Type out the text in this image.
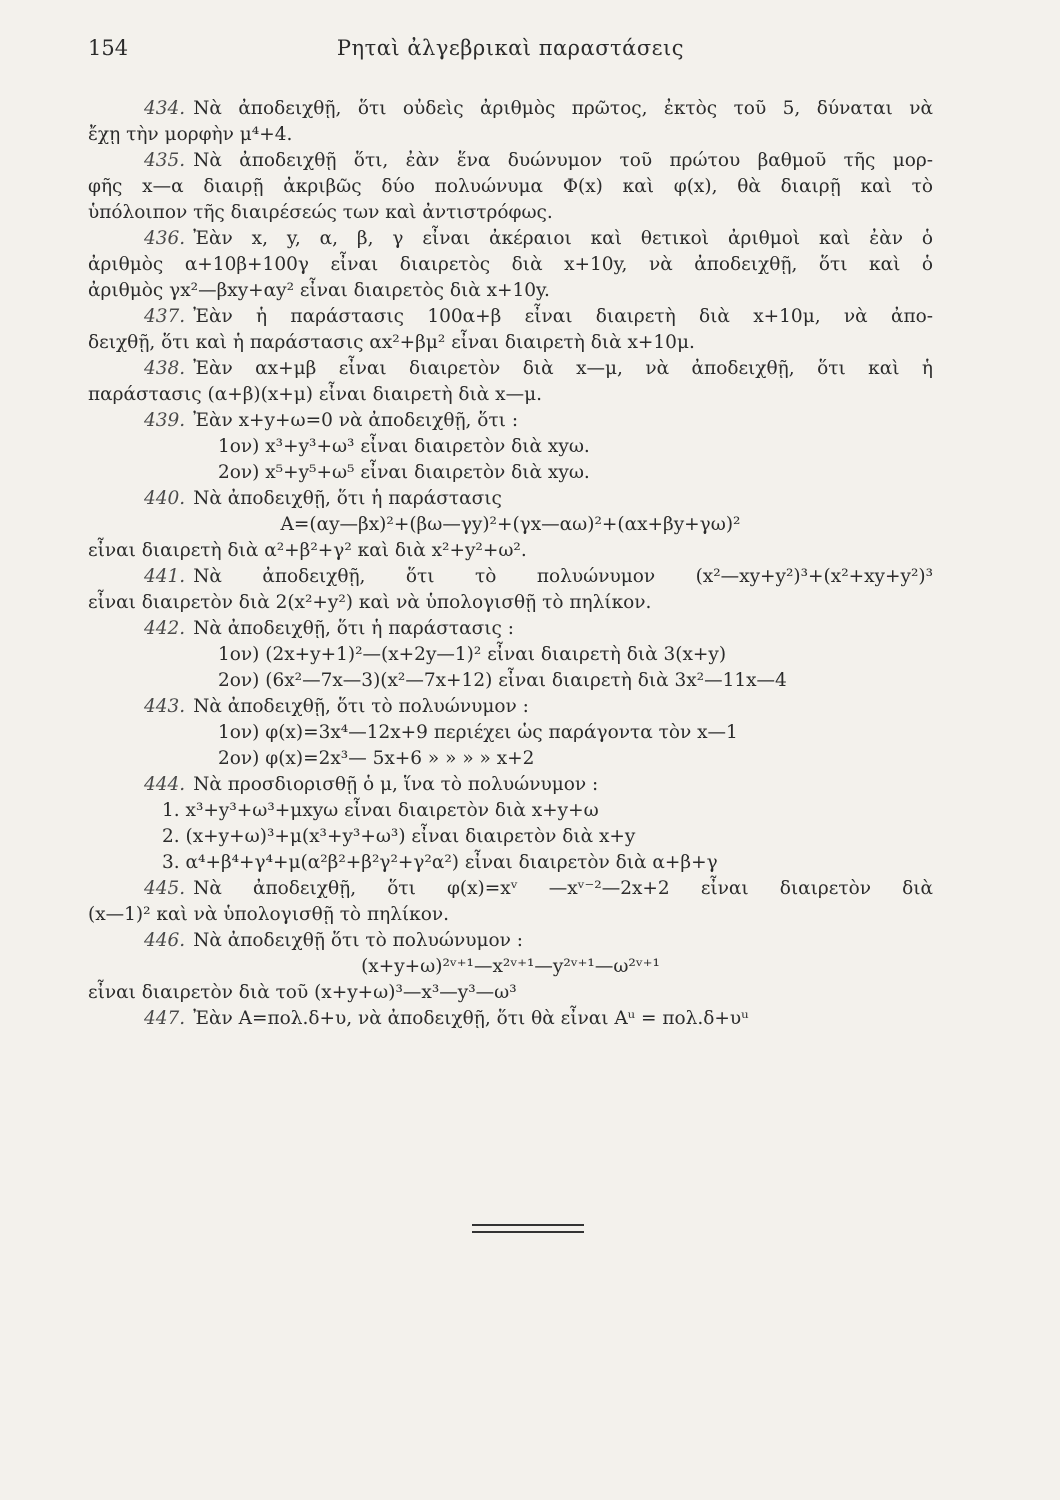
154	Ρηταὶ ἀλγεβρικαὶ παραστάσεις
434. Νὰ ἀποδειχθῇ, ὅτι οὐδεὶς ἀριθμὸς πρῶτος, ἐκτὸς τοῦ 5, δύναται νὰ
ἔχῃ τὴν μορφὴν μ⁴+4.
435. Νὰ ἀποδειχθῇ ὅτι, ἐὰν ἕνα δυώνυμον τοῦ πρώτου βαθμοῦ τῆς μορ-
φῆς x—α διαιρῇ ἀκριβῶς δύο πολυώνυμα Φ(x) καὶ φ(x), θὰ διαιρῇ καὶ τὸ
ὑπόλοιπον τῆς διαιρέσεώς των καὶ ἀντιστρόφως.
436. Ἐὰν x, y, α, β, γ εἶναι ἀκέραιοι καὶ θετικοὶ ἀριθμοὶ καὶ ἐὰν ὁ
ἀριθμὸς α+10β+100γ εἶναι διαιρετὸς διὰ x+10y, νὰ ἀποδειχθῇ, ὅτι καὶ ὁ
ἀριθμὸς γx²—βxy+αy² εἶναι διαιρετὸς διὰ x+10y.
437. Ἐὰν ἡ παράστασις 100α+β εἶναι διαιρετὴ διὰ x+10μ, νὰ ἀπο-
δειχθῇ, ὅτι καὶ ἡ παράστασις αx²+βμ² εἶναι διαιρετὴ διὰ x+10μ.
438. Ἐὰν αx+μβ εἶναι διαιρετὸν διὰ x—μ, νὰ ἀποδειχθῇ, ὅτι καὶ ἡ
παράστασις (α+β)(x+μ) εἶναι διαιρετὴ διὰ x—μ.
439. Ἐὰν x+y+ω=0 νὰ ἀποδειχθῇ, ὅτι :
1ον) x³+y³+ω³ εἶναι διαιρετὸν διὰ xyω.
2ον) x⁵+y⁵+ω⁵ εἶναι διαιρετὸν διὰ xyω.
440. Νὰ ἀποδειχθῇ, ὅτι ἡ παράστασις
A=(αy—βx)²+(βω—γy)²+(γx—αω)²+(αx+βy+γω)²
εἶναι διαιρετὴ διὰ α²+β²+γ² καὶ διὰ x²+y²+ω².
441. Νὰ ἀποδειχθῇ, ὅτι τὸ πολυώνυμον (x²—xy+y²)³+(x²+xy+y²)³
εἶναι διαιρετὸν διὰ 2(x²+y²) καὶ νὰ ὑπολογισθῇ τὸ πηλίκον.
442. Νὰ ἀποδειχθῇ, ὅτι ἡ παράστασις :
1ον) (2x+y+1)²—(x+2y—1)² εἶναι διαιρετὴ διὰ 3(x+y)
2ον) (6x²—7x—3)(x²—7x+12) εἶναι διαιρετὴ διὰ 3x²—11x—4
443. Νὰ ἀποδειχθῇ, ὅτι τὸ πολυώνυμον :
1ον) φ(x)=3x⁴—12x+9 περιέχει ὡς παράγοντα τὸν x—1
2ον) φ(x)=2x³— 5x+6 » » » » x+2
444. Νὰ προσδιορισθῇ ὁ μ, ἵνα τὸ πολυώνυμον :
1. x³+y³+ω³+μxyω εἶναι διαιρετὸν διὰ x+y+ω
2. (x+y+ω)³+μ(x³+y³+ω³) εἶναι διαιρετὸν διὰ x+y
3. α⁴+β⁴+γ⁴+μ(α²β²+β²γ²+γ²α²) εἶναι διαιρετὸν διὰ α+β+γ
445. Νὰ ἀποδειχθῇ, ὅτι φ(x)=xᵛ —xᵛ⁻²—2x+2 εἶναι διαιρετὸν διὰ
(x—1)² καὶ νὰ ὑπολογισθῇ τὸ πηλίκον.
446. Νὰ ἀποδειχθῇ ὅτι τὸ πολυώνυμον :
(x+y+ω)²ᵛ⁺¹—x²ᵛ⁺¹—y²ᵛ⁺¹—ω²ᵛ⁺¹
εἶναι διαιρετὸν διὰ τοῦ (x+y+ω)³—x³—y³—ω³
447. Ἐὰν A=πολ.δ+υ, νὰ ἀποδειχθῇ, ὅτι θὰ εἶναι Aᵘ = πολ.δ+υᵘ
